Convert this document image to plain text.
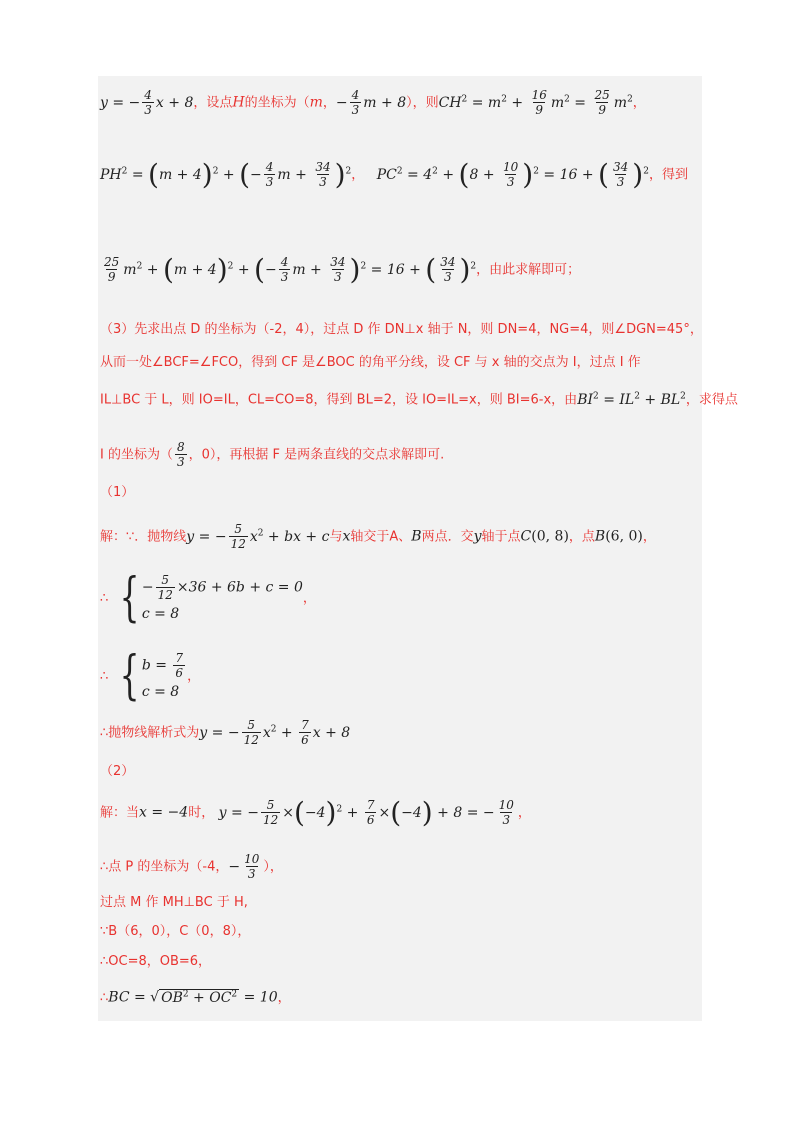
y = − $\frac{4}{3}$ x + 8，设点H的坐标为（m，− $\frac{4}{3}$ m + 8），则$CH^2 = m^2 + \frac{16}{9} m^2 = \frac{25}{9} m^2$，
$PH^2 = (m + 4)^2$ + (− $\frac{4}{3}$ $m + \frac{34}{3} )^2$， $PC^2 = 4^2 + (8 + \frac{10}{3} )^2 = 16$ + ( $\frac{34}{3} )^2$，得到
$\frac{25}{9} m^2 + (m + 4)^2$ + (− $\frac{4}{3}$ $m + \frac{34}{3} )^2 = 16$ + ( $\frac{34}{3} )^2$，由此求解即可；
（3）先求出点 D 的坐标为（-2，4），过点 D 作 DN⊥x 轴于 N，则 DN=4，NG=4，则∠DGN=45°，
从而一处∠BCF=∠FCO，得到 CF 是∠BOC 的角平分线，设 CF 与 x 轴的交点为 I，过点 I 作
IL⊥BC 于 L，则 IO=IL，CL=CO=8，得到 BL=2，设 IO=IL=x，则 BI=6-x，由$BI^2 = IL^2 + BL^2$，求得点
I 的坐标为（ $\frac{8}{3}$ ，0），再根据 F 是两条直线的交点求解即可.
（1）
解：∵．抛物线y = − $\frac{5}{12} x^2$ + bx + c与x轴交于A、B两点．交y轴于点C(0, 8)，点B(6, 0)，
∴ { − $\frac{5}{12} \times 36 + 6b + c = 0$
c = 8
，
∴ { $b = \frac{7}{6}$
c = 8
，
∴抛物线解析式为y = − $\frac{5}{12} x^2 + \frac{7}{6}$ x + 8
（2）
解：当x = −4时， y = − $\frac{5}{12} \times(-4)^2 + \frac{7}{6} \times(-4) + 8$ = − $\frac{10}{3}$ ，
∴点 P 的坐标为（-4，− $\frac{10}{3}$ ），
过点 M 作 MH⊥BC 于 H,
∵B（6，0），C（0，8），
∴OC=8，OB=6，
∴BC = √ $OB^2 + OC^2 = 10$，
